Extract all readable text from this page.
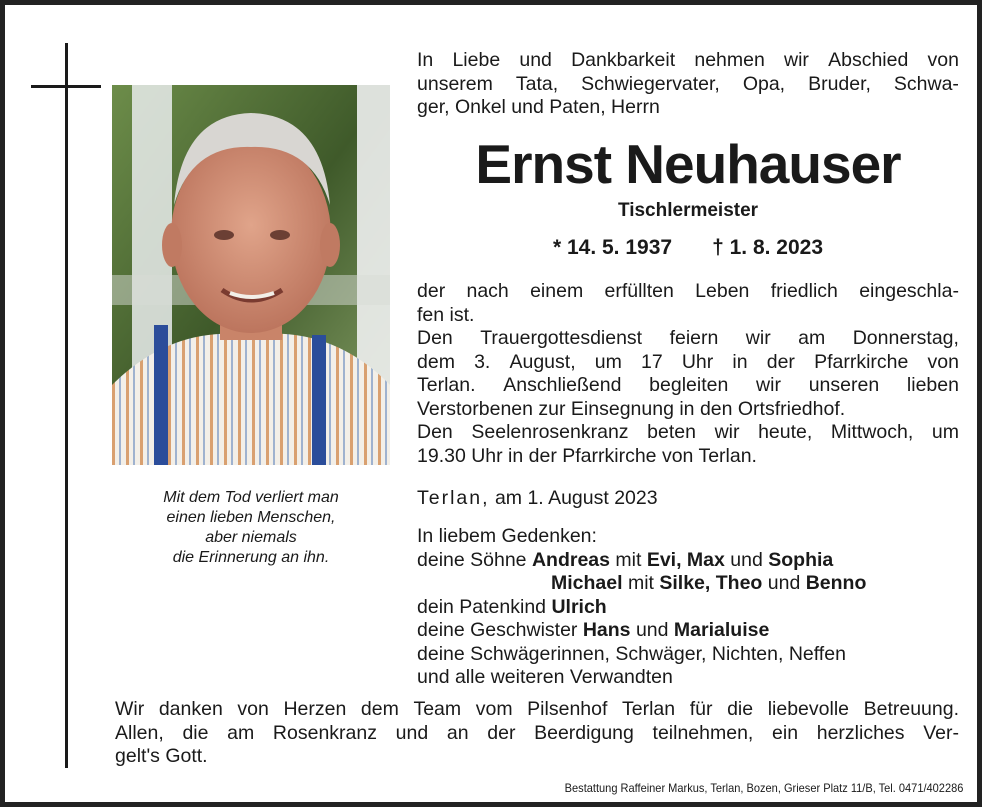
Mit dem Tod verliert man
einen lieben Menschen,
aber niemals
die Erinnerung an ihn.
In Liebe und Dankbarkeit nehmen wir Abschied von
unserem Tata, Schwiegervater, Opa, Bruder, Schwa-
ger, Onkel und Paten, Herrn
Ernst Neuhauser
Tischlermeister
* 14. 5. 1937 † 1. 8. 2023
der nach einem erfüllten Leben friedlich eingeschla-
fen ist.
Den Trauergottesdienst feiern wir am Donnerstag,
dem 3. August, um 17 Uhr in der Pfarrkirche von
Terlan. Anschließend begleiten wir unseren lieben
Verstorbenen zur Einsegnung in den Ortsfriedhof.
Den Seelenrosenkranz beten wir heute, Mittwoch, um
19.30 Uhr in der Pfarrkirche von Terlan.
Terlan, am 1. August 2023
In liebem Gedenken:
deine Söhne Andreas mit Evi, Max und Sophia
Michael mit Silke, Theo und Benno
dein Patenkind Ulrich
deine Geschwister Hans und Marialuise
deine Schwägerinnen, Schwäger, Nichten, Neffen
und alle weiteren Verwandten
Wir danken von Herzen dem Team vom Pilsenhof Terlan für die liebevolle Betreuung.
Allen, die am Rosenkranz und an der Beerdigung teilnehmen, ein herzliches Ver-
gelt's Gott.
Bestattung Raffeiner Markus, Terlan, Bozen, Grieser Platz 11/B, Tel. 0471/402286
